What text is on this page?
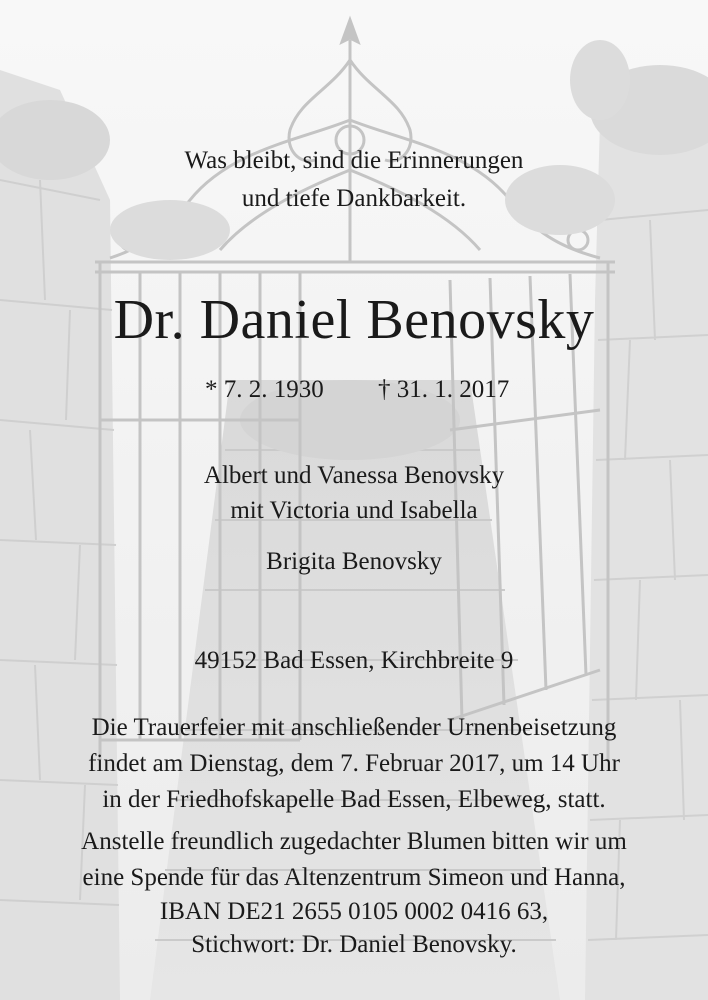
Was bleibt, sind die Erinnerungen
und tiefe Dankbarkeit.
Dr. Daniel Benovsky
* 7. 2. 1930 † 31. 1. 2017
Albert und Vanessa Benovsky
mit Victoria und Isabella
Brigita Benovsky
49152 Bad Essen, Kirchbreite 9
Die Trauerfeier mit anschließender Urnenbeisetzung
findet am Dienstag, dem 7. Februar 2017, um 14 Uhr
in der Friedhofskapelle Bad Essen, Elbeweg, statt.
Anstelle freundlich zugedachter Blumen bitten wir um
eine Spende für das Altenzentrum Simeon und Hanna,
IBAN DE21 2655 0105 0002 0416 63,
Stichwort: Dr. Daniel Benovsky.
